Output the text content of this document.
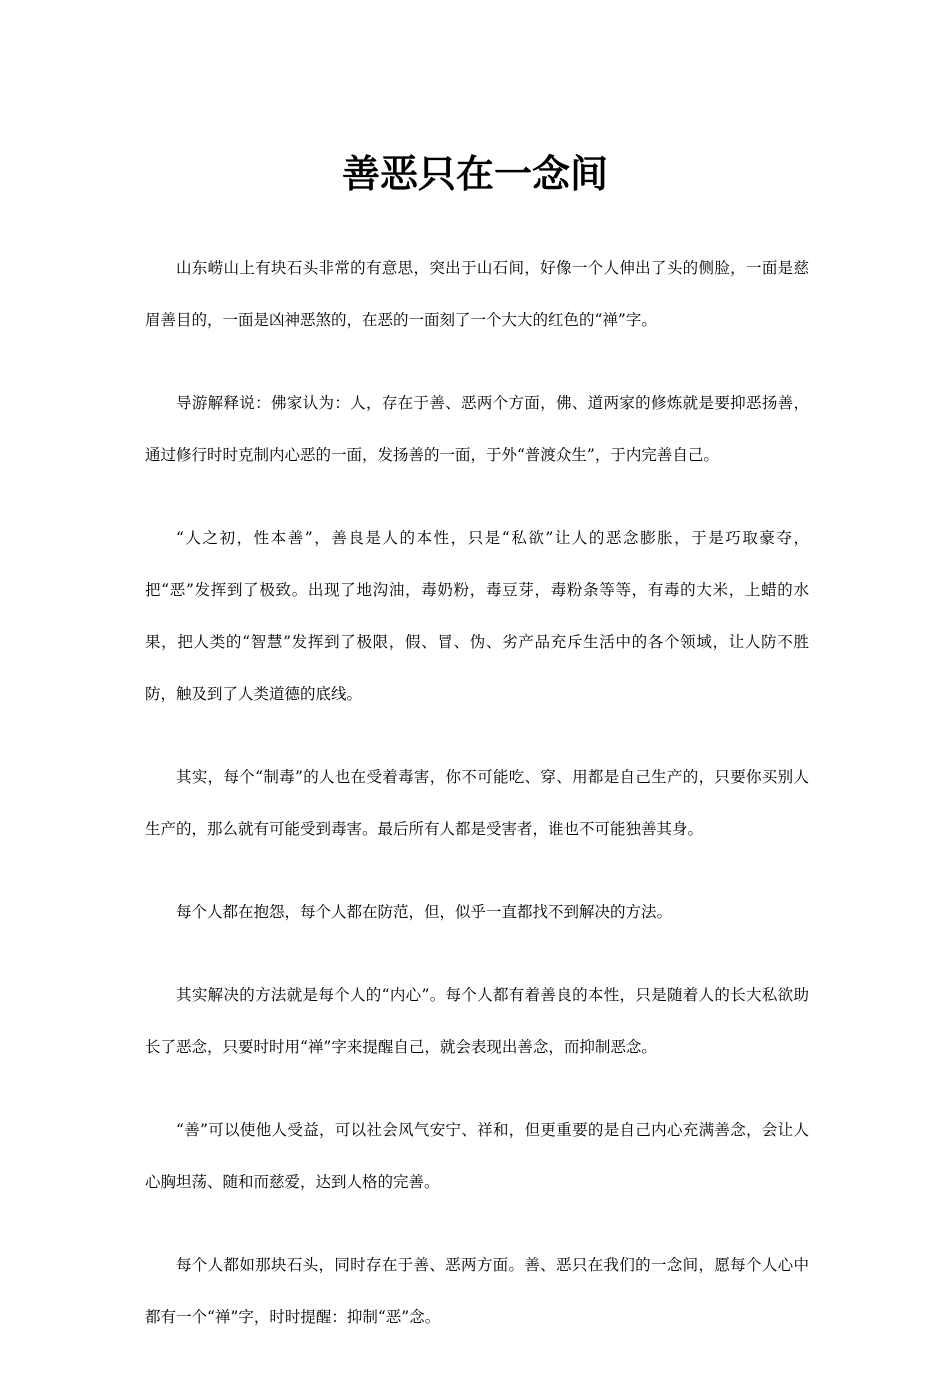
善恶只在一念间

山东崂山上有块石头非常的有意思，突出于山石间，好像一个人伸出了头的侧脸，一面是慈眉善目的，一面是凶神恶煞的，在恶的一面刻了一个大大的红色的“禅”字。

导游解释说：佛家认为：人，存在于善、恶两个方面，佛、道两家的修炼就是要抑恶扬善，通过修行时时克制内心恶的一面，发扬善的一面，于外“普渡众生”，于内完善自己。

“人之初，性本善”，善良是人的本性，只是“私欲”让人的恶念膨胀，于是巧取豪夺，把“恶”发挥到了极致。出现了地沟油，毒奶粉，毒豆芽，毒粉条等等，有毒的大米，上蜡的水果，把人类的“智慧”发挥到了极限，假、冒、伪、劣产品充斥生活中的各个领域，让人防不胜防，触及到了人类道德的底线。

其实，每个“制毒”的人也在受着毒害，你不可能吃、穿、用都是自己生产的，只要你买别人生产的，那么就有可能受到毒害。最后所有人都是受害者，谁也不可能独善其身。

每个人都在抱怨，每个人都在防范，但，似乎一直都找不到解决的方法。

其实解决的方法就是每个人的“内心”。每个人都有着善良的本性，只是随着人的长大私欲助长了恶念，只要时时用“禅”字来提醒自己，就会表现出善念，而抑制恶念。

“善”可以使他人受益，可以社会风气安宁、祥和，但更重要的是自己内心充满善念，会让人心胸坦荡、随和而慈爱，达到人格的完善。

每个人都如那块石头，同时存在于善、恶两方面。善、恶只在我们的一念间，愿每个人心中都有一个“禅”字，时时提醒：抑制“恶”念。
